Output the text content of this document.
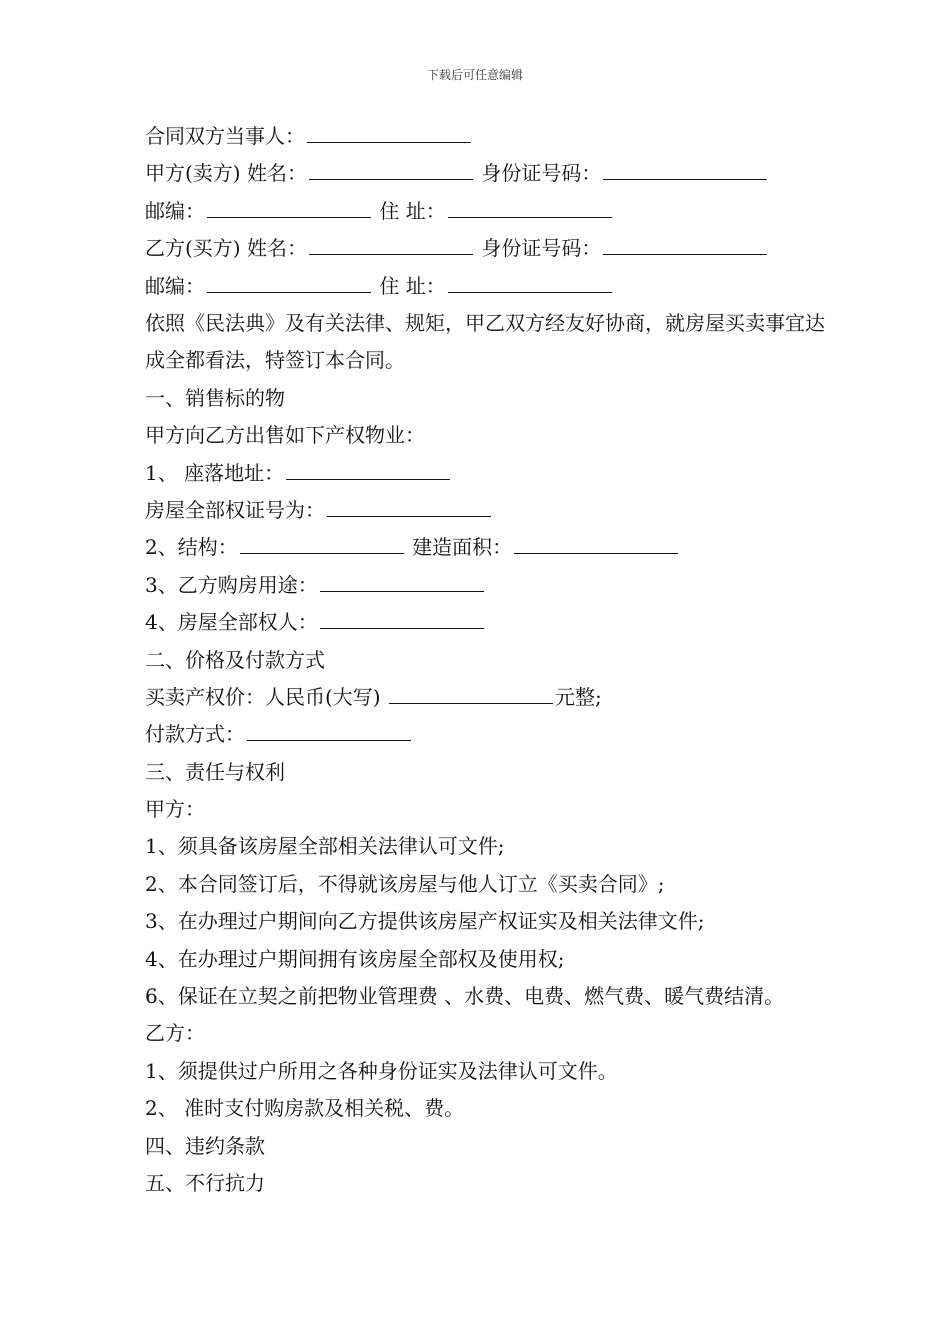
下载后可任意编辑
合同双方当事人：
甲方(卖方) 姓名：	身份证号码：
邮编：	住 址：
乙方(买方) 姓名：	身份证号码：
邮编：	住 址：
依照《民法典》及有关法律、规矩，甲乙双方经友好协商，就房屋买卖事宜达成全都看法，特签订本合同。
一、销售标的物
甲方向乙方出售如下产权物业：
1、 座落地址：
房屋全部权证号为：
2、结构：	建造面积：
3、乙方购房用途：
4、房屋全部权人：
二、价格及付款方式
买卖产权价：人民币(大写)	元整;
付款方式：
三、责任与权利
甲方：
1、须具备该房屋全部相关法律认可文件;
2、本合同签订后，不得就该房屋与他人订立《买卖合同》;
3、在办理过户期间向乙方提供该房屋产权证实及相关法律文件;
4、在办理过户期间拥有该房屋全部权及使用权;
6、保证在立契之前把物业管理费 、水费、电费、燃气费、暖气费结清。
乙方：
1、须提供过户所用之各种身份证实及法律认可文件。
2、 准时支付购房款及相关税、费。
四、违约条款
五、不行抗力
